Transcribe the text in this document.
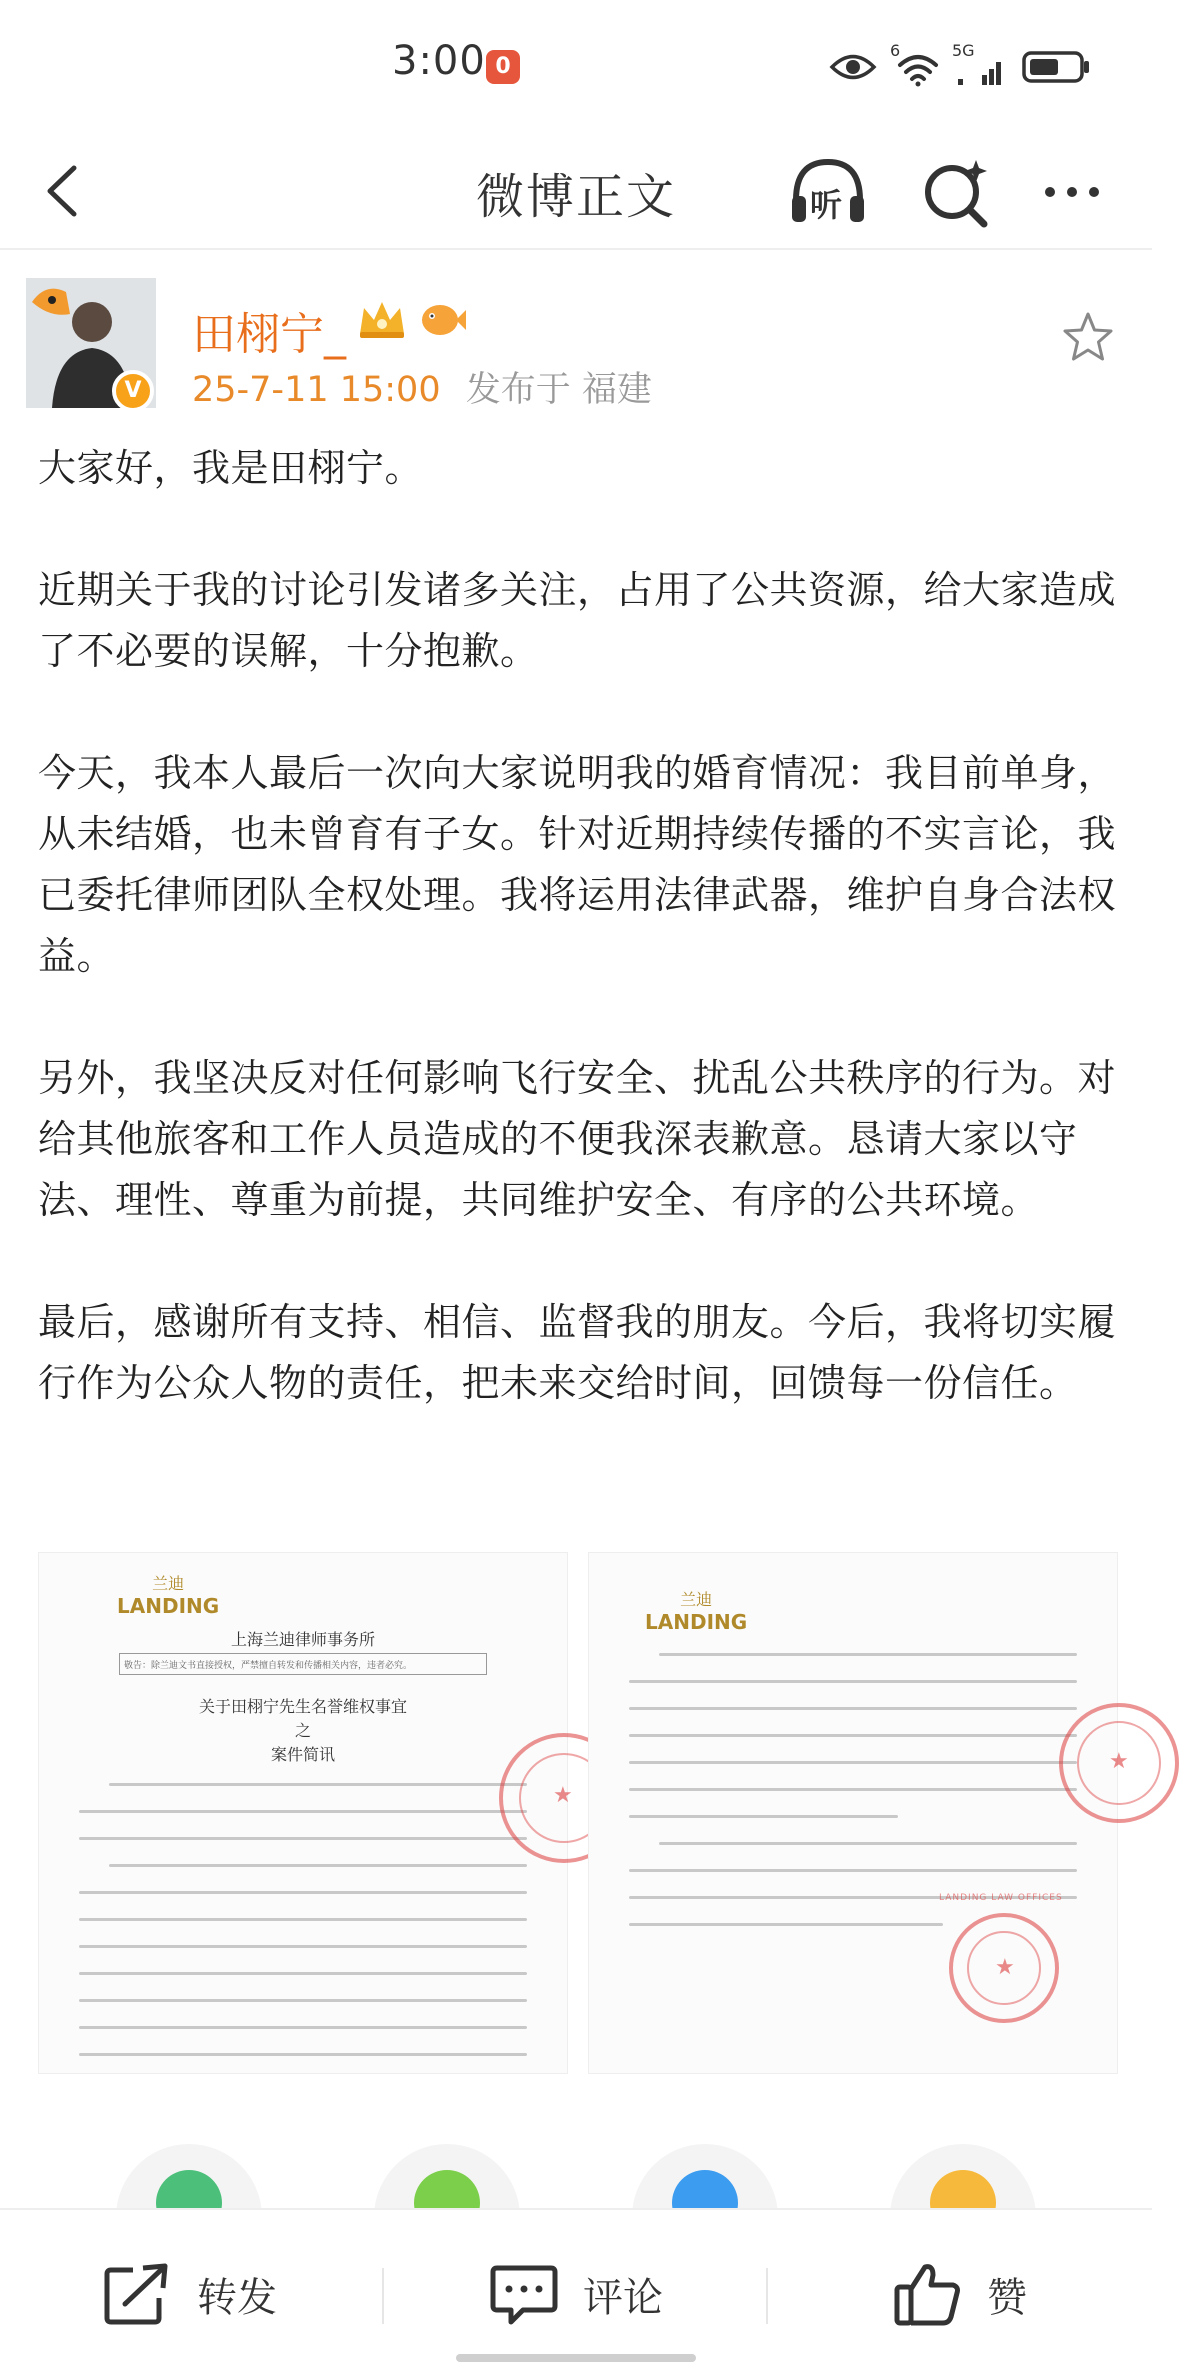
3:00 0
6	5G
微博正文	听
V
田栩宁_
25-7-11 15:00 发布于 福建

大家好，我是田栩宁。

近期关于我的讨论引发诸多关注，占用了公共资源，给大家造成了不必要的误解，十分抱歉。

今天，我本人最后一次向大家说明我的婚育情况：我目前单身，从未结婚，也未曾育有子女。针对近期持续传播的不实言论，我已委托律师团队全权处理。我将运用法律武器，维护自身合法权益。

另外，我坚决反对任何影响飞行安全、扰乱公共秩序的行为。对给其他旅客和工作人员造成的不便我深表歉意。恳请大家以守法、理性、尊重为前提，共同维护安全、有序的公共环境。

最后，感谢所有支持、相信、监督我的朋友。今后，我将切实履行作为公众人物的责任，把未来交给时间，回馈每一份信任。

兰迪
LANDING
上海兰迪律师事务所
敬告：除兰迪文书直接授权，严禁擅自转发和传播相关内容，违者必究。
关于田栩宁先生名誉维权事宜
之
案件简讯
★
兰迪
LANDING
★
★
LANDING LAW OFFICES
转发	评论	赞
